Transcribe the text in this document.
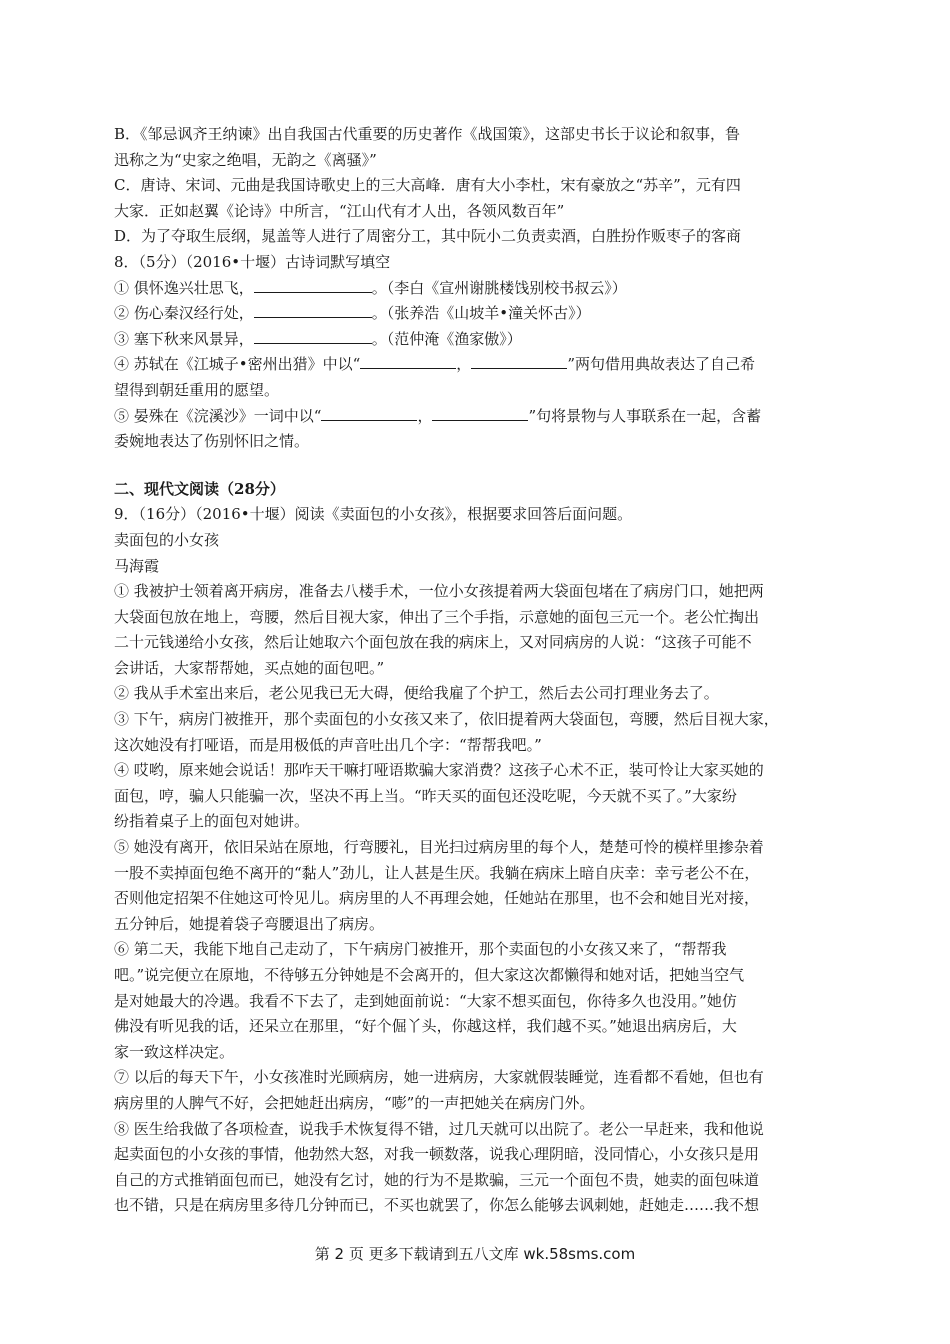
B．《邹忌讽齐王纳谏》出自我国古代重要的历史著作《战国策》，这部史书长于议论和叙事，鲁
迅称之为“史家之绝唱，无韵之《离骚》”
C．唐诗、宋词、元曲是我国诗歌史上的三大高峰．唐有大小李杜，宋有豪放之“苏辛”，元有四
大家．正如赵翼《论诗》中所言，“江山代有才人出，各领风数百年”
D．为了夺取生辰纲，晁盖等人进行了周密分工，其中阮小二负责卖酒，白胜扮作贩枣子的客商
8．（5分）（2016•十堰）古诗词默写填空
① 俱怀逸兴壮思飞，	。（李白《宣州谢朓楼饯别校书叔云》）
② 伤心秦汉经行处，	。（张养浩《山坡羊•潼关怀古》）
③ 塞下秋来风景异，	。（范仲淹《渔家傲》）
④ 苏轼在《江城子•密州出猎》中以“	，	”两句借用典故表达了自己希
望得到朝廷重用的愿望。
⑤ 晏殊在《浣溪沙》一词中以“	，	”句将景物与人事联系在一起，含蓄
委婉地表达了伤别怀旧之情。
二、现代文阅读（28分）
9．（16分）（2016•十堰）阅读《卖面包的小女孩》，根据要求回答后面问题。
卖面包的小女孩
马海霞
① 我被护士领着离开病房，准备去八楼手术，一位小女孩提着两大袋面包堵在了病房门口，她把两
大袋面包放在地上，弯腰，然后目视大家，伸出了三个手指，示意她的面包三元一个。老公忙掏出
二十元钱递给小女孩，然后让她取六个面包放在我的病床上，又对同病房的人说：“这孩子可能不
会讲话，大家帮帮她，买点她的面包吧。”
② 我从手术室出来后，老公见我已无大碍，便给我雇了个护工，然后去公司打理业务去了。
③ 下午，病房门被推开，那个卖面包的小女孩又来了，依旧提着两大袋面包，弯腰，然后目视大家，
这次她没有打哑语，而是用极低的声音吐出几个字：“帮帮我吧。”
④ 哎哟，原来她会说话！那咋天干嘛打哑语欺骗大家消费？这孩子心术不正，装可怜让大家买她的
面包，哼，骗人只能骗一次，坚决不再上当。“昨天买的面包还没吃呢，今天就不买了。”大家纷
纷指着桌子上的面包对她讲。
⑤ 她没有离开，依旧呆站在原地，行弯腰礼，目光扫过病房里的每个人，楚楚可怜的模样里掺杂着
一股不卖掉面包绝不离开的“黏人”劲儿，让人甚是生厌。我躺在病床上暗自庆幸：幸亏老公不在，
否则他定招架不住她这可怜见儿。病房里的人不再理会她，任她站在那里，也不会和她目光对接，
五分钟后，她提着袋子弯腰退出了病房。
⑥ 第二天，我能下地自己走动了，下午病房门被推开，那个卖面包的小女孩又来了，“帮帮我
吧。”说完便立在原地，不待够五分钟她是不会离开的，但大家这次都懒得和她对话，把她当空气
是对她最大的冷遇。我看不下去了，走到她面前说：“大家不想买面包，你待多久也没用。”她仿
佛没有听见我的话，还呆立在那里，“好个倔丫头，你越这样，我们越不买。”她退出病房后，大
家一致这样决定。
⑦ 以后的每天下午，小女孩准时光顾病房，她一进病房，大家就假装睡觉，连看都不看她，但也有
病房里的人脾气不好，会把她赶出病房，“嘭”的一声把她关在病房门外。
⑧ 医生给我做了各项检查，说我手术恢复得不错，过几天就可以出院了。老公一早赶来，我和他说
起卖面包的小女孩的事情，他勃然大怒，对我一顿数落，说我心理阴暗，没同情心，小女孩只是用
自己的方式推销面包而已，她没有乞讨，她的行为不是欺骗，三元一个面包不贵，她卖的面包味道
也不错，只是在病房里多待几分钟而已，不买也就罢了，你怎么能够去讽刺她，赶她走……我不想
第 2 页 更多下载请到五八文库 wk.58sms.com
